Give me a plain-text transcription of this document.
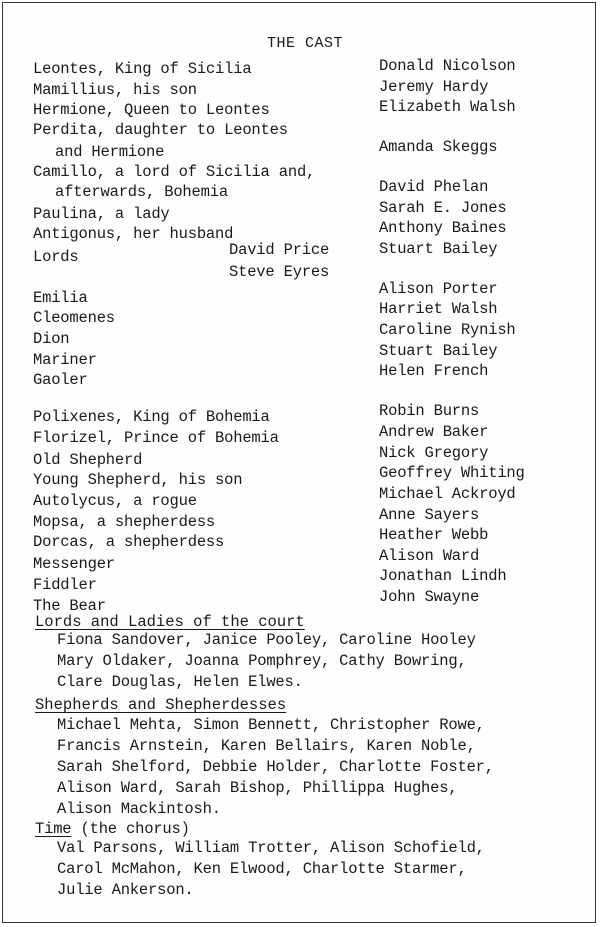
THE CAST
Leontes, King of Sicilia
Mamillius, his son
Hermione, Queen to Leontes
Perdita, daughter to Leontes
and Hermione
Camillo, a lord of Sicilia and,
afterwards, Bohemia
Paulina, a lady
Antigonus, her husband
Lords	David Price
Steve Eyres
Emilia
Cleomenes
Dion
Mariner
Gaoler
Polixenes, King of Bohemia
Florizel, Prince of Bohemia
Old Shepherd
Young Shepherd, his son
Autolycus, a rogue
Mopsa, a shepherdess
Dorcas, a shepherdess
Messenger
Fiddler
The Bear
Donald Nicolson
Jeremy Hardy
Elizabeth Walsh
Amanda Skeggs
David Phelan
Sarah E. Jones
Anthony Baines
Stuart Bailey
Alison Porter
Harriet Walsh
Caroline Rynish
Stuart Bailey
Helen French
Robin Burns
Andrew Baker
Nick Gregory
Geoffrey Whiting
Michael Ackroyd
Anne Sayers
Heather Webb
Alison Ward
Jonathan Lindh
John Swayne
Lords and Ladies of the court
Fiona Sandover, Janice Pooley, Caroline Hooley
Mary Oldaker, Joanna Pomphrey, Cathy Bowring,
Clare Douglas, Helen Elwes.
Shepherds and Shepherdesses
Michael Mehta, Simon Bennett, Christopher Rowe,
Francis Arnstein, Karen Bellairs, Karen Noble,
Sarah Shelford, Debbie Holder, Charlotte Foster,
Alison Ward, Sarah Bishop, Phillippa Hughes,
Alison Mackintosh.
Time (the chorus)
Val Parsons, William Trotter, Alison Schofield,
Carol McMahon, Ken Elwood, Charlotte Starmer,
Julie Ankerson.
